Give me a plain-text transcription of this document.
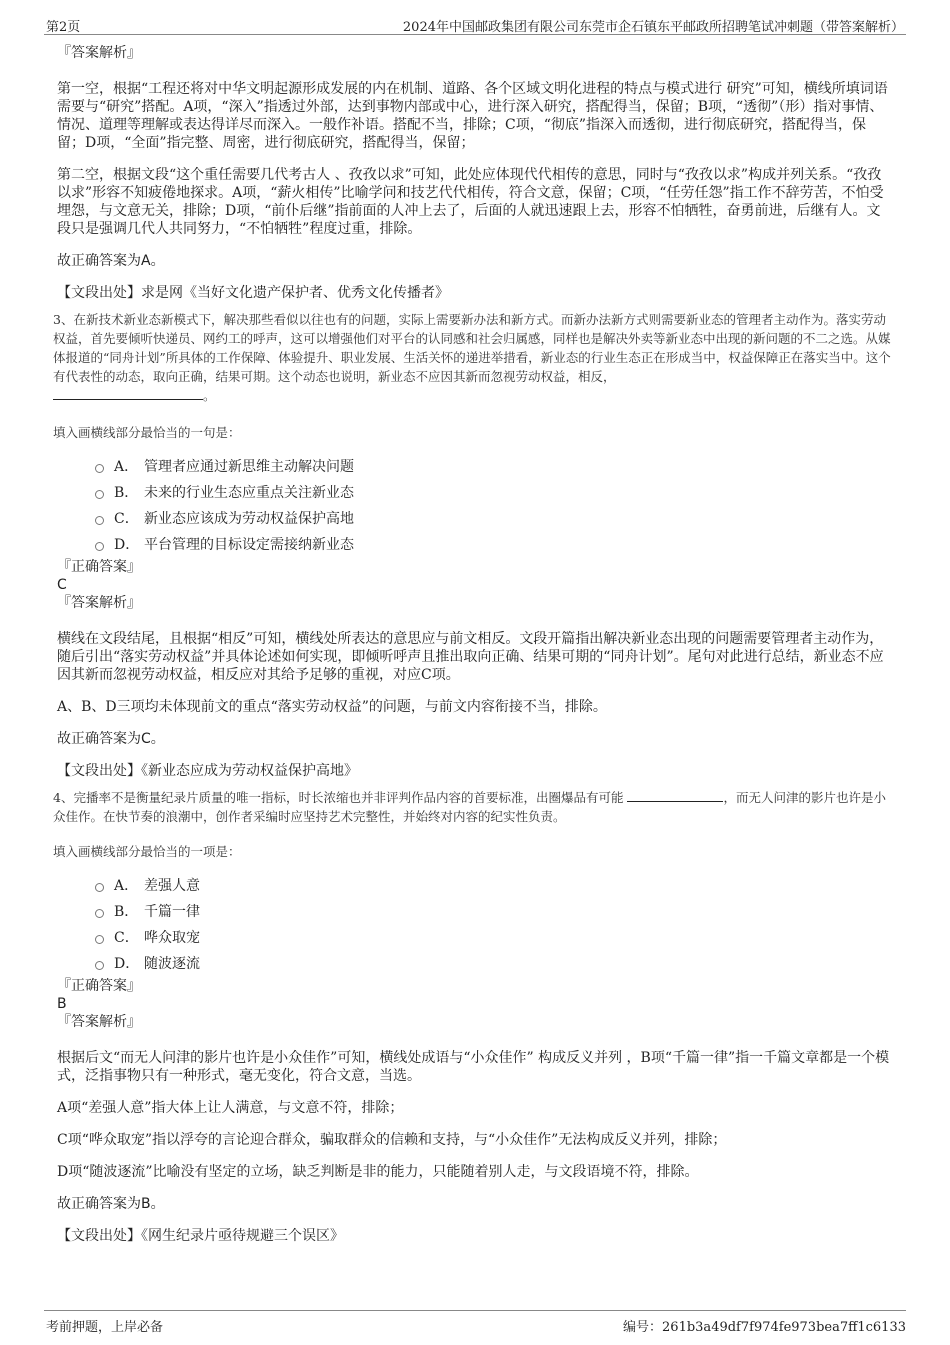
第2页	2024年中国邮政集团有限公司东莞市企石镇东平邮政所招聘笔试冲刺题（带答案解析）

『答案解析』

第一空，根据“工程还将对中华文明起源形成发展的内在机制、道路、各个区域文明化进程的特点与模式进行 研究”可知，横线所填词语需要与“研究”搭配。A项，“深入”指透过外部，达到事物内部或中心，进行深入研究，搭配得当，保留；B项，“透彻”（形）指对事情、情况、道理等理解或表达得详尽而深入。一般作补语。搭配不当，排除；C项，“彻底”指深入而透彻，进行彻底研究，搭配得当，保留；D项，“全面”指完整、周密，进行彻底研究，搭配得当，保留；

第二空，根据文段“这个重任需要几代考古人 、孜孜以求”可知，此处应体现代代相传的意思，同时与“孜孜以求”构成并列关系。“孜孜以求”形容不知疲倦地探求。A项，“薪火相传”比喻学问和技艺代代相传，符合文意，保留；C项，“任劳任怨”指工作不辞劳苦，不怕受埋怨，与文意无关，排除；D项，“前仆后继”指前面的人冲上去了，后面的人就迅速跟上去，形容不怕牺牲，奋勇前进，后继有人。文段只是强调几代人共同努力，“不怕牺牲”程度过重，排除。

故正确答案为A。

【文段出处】求是网《当好文化遗产保护者、优秀文化传播者》

3、在新技术新业态新模式下，解决那些看似以往也有的问题，实际上需要新办法和新方式。而新办法新方式则需要新业态的管理者主动作为。落实劳动权益，首先要倾听快递员、网约工的呼声，这可以增强他们对平台的认同感和社会归属感，同样也是解决外卖等新业态中出现的新问题的不二之选。从媒体报道的“同舟计划”所具体的工作保障、体验提升、职业发展、生活关怀的递进举措看，新业态的行业生态正在形成当中，权益保障正在落实当中。这个有代表性的动态，取向正确，结果可期。这个动态也说明，新业态不应因其新而忽视劳动权益，相反，
。

填入画横线部分最恰当的一句是：

A． 管理者应通过新思维主动解决问题
B． 未来的行业生态应重点关注新业态
C． 新业态应该成为劳动权益保护高地
D． 平台管理的目标设定需接纳新业态

『正确答案』

C

『答案解析』

横线在文段结尾，且根据“相反”可知，横线处所表达的意思应与前文相反。文段开篇指出解决新业态出现的问题需要管理者主动作为，随后引出“落实劳动权益”并具体论述如何实现，即倾听呼声且推出取向正确、结果可期的“同舟计划”。尾句对此进行总结，新业态不应因其新而忽视劳动权益，相反应对其给予足够的重视，对应C项。

A、B、D三项均未体现前文的重点“落实劳动权益”的问题，与前文内容衔接不当，排除。

故正确答案为C。

【文段出处】《新业态应成为劳动权益保护高地》

4、完播率不是衡量纪录片质量的唯一指标，时长浓缩也并非评判作品内容的首要标准，出圈爆品有可能	，而无人问津的影片也许是小众佳作。在快节奏的浪潮中，创作者采编时应坚持艺术完整性，并始终对内容的纪实性负责。

填入画横线部分最恰当的一项是：

A． 差强人意
B． 千篇一律
C． 哗众取宠
D． 随波逐流

『正确答案』

B

『答案解析』

根据后文“而无人问津的影片也许是小众佳作”可知，横线处成语与“小众佳作” 构成反义并列 ，B项“千篇一律”指一千篇文章都是一个模式，泛指事物只有一种形式，毫无变化，符合文意，当选。

A项“差强人意”指大体上让人满意，与文意不符，排除；

C项“哗众取宠”指以浮夸的言论迎合群众，骗取群众的信赖和支持，与“小众佳作”无法构成反义并列，排除；

D项“随波逐流”比喻没有坚定的立场，缺乏判断是非的能力，只能随着别人走，与文段语境不符，排除。

故正确答案为B。

【文段出处】《网生纪录片亟待规避三个误区》

考前押题，上岸必备	编号：261b3a49df7f974fe973bea7ff1c6133
